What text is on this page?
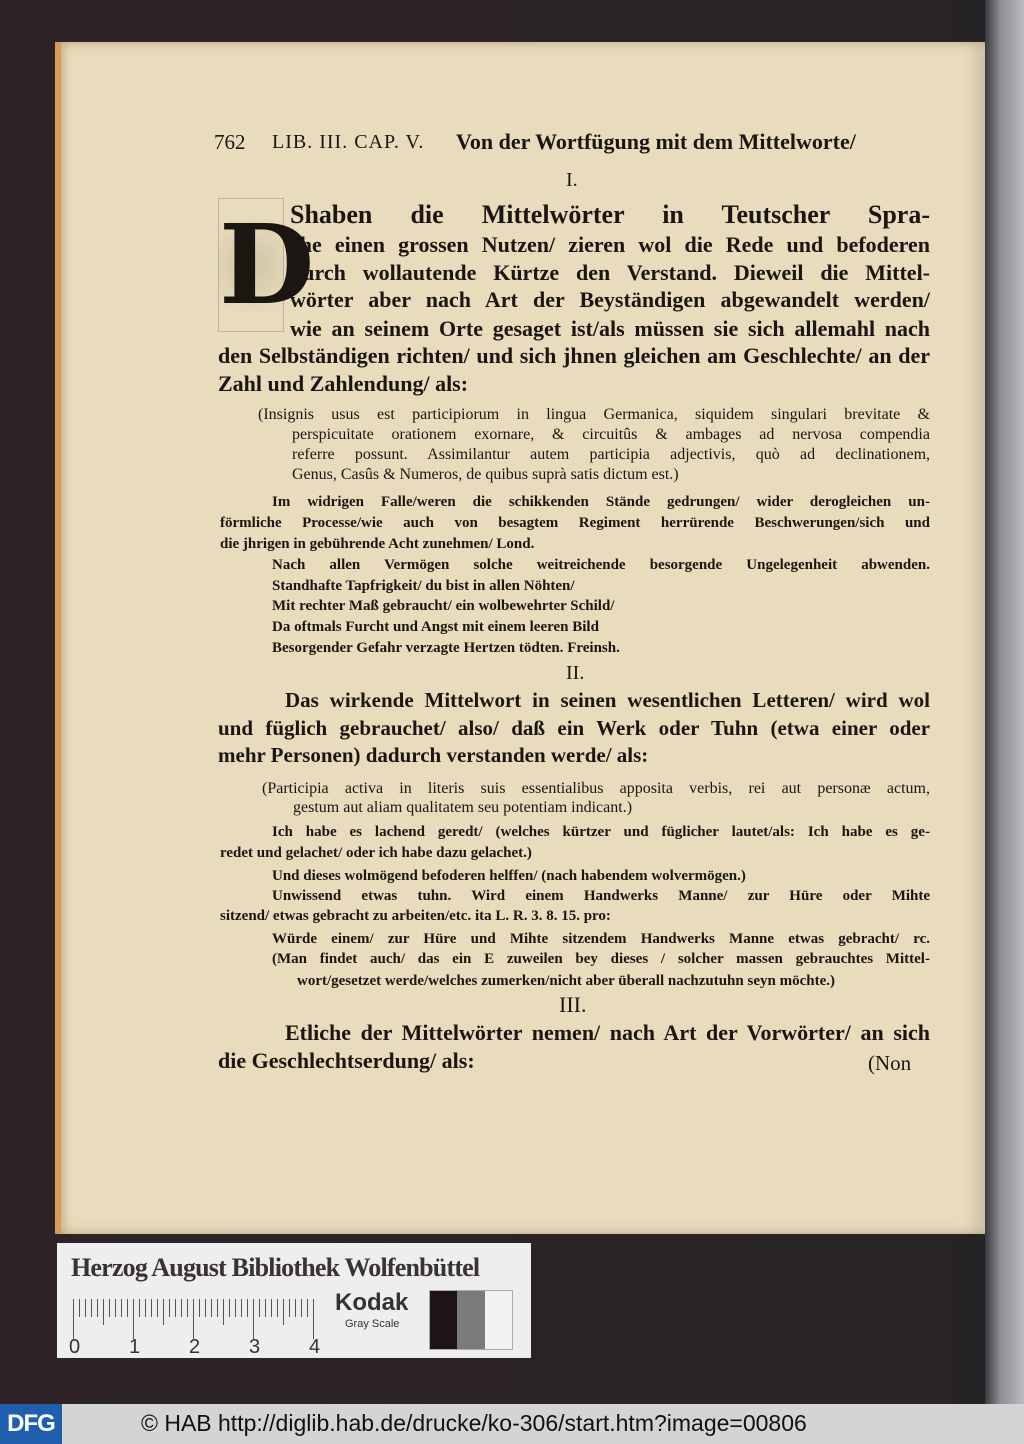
762 LIB. III. CAP. V. Von der Wortfügung mit dem Mittelworte/
D
I.
Shaben die Mittelwörter in Teutscher Spra-
che einen grossen Nutzen/ zieren wol die Rede und befoderen
durch wollautende Kürtze den Verstand. Dieweil die Mittel-
wörter aber nach Art der Beyständigen abgewandelt werden/
wie an seinem Orte gesaget ist/als müssen sie sich allemahl nach
den Selbständigen richten/ und sich jhnen gleichen am Geschlechte/ an der
Zahl und Zahlendung/ als:
(Insignis usus est participiorum in lingua Germanica, siquidem singulari brevitate &
perspicuitate orationem exornare, & circuitûs & ambages ad nervosa compendia
referre possunt. Assimilantur autem participia adjectivis, quò ad declinationem,
Genus, Casûs & Numeros, de quibus suprà satis dictum est.)
Im widrigen Falle/weren die schikkenden Stände gedrungen/ wider derogleichen un-
förmliche Processe/wie auch von besagtem Regiment herrürende Beschwerungen/sich und
die jhrigen in gebührende Acht zunehmen/ Lond.
Nach allen Vermögen solche weitreichende besorgende Ungelegenheit abwenden.
Standhafte Tapfrigkeit/ du bist in allen Nöhten/
Mit rechter Maß gebraucht/ ein wolbewehrter Schild/
Da oftmals Furcht und Angst mit einem leeren Bild
Besorgender Gefahr verzagte Hertzen tödten. Freinsh.
II.
Das wirkende Mittelwort in seinen wesentlichen Letteren/ wird wol
und füglich gebrauchet/ also/ daß ein Werk oder Tuhn (etwa einer oder
mehr Personen) dadurch verstanden werde/ als:
(Participia activa in literis suis essentialibus apposita verbis, rei aut personæ actum,
gestum aut aliam qualitatem seu potentiam indicant.)
Ich habe es lachend geredt/ (welches kürtzer und füglicher lautet/als: Ich habe es ge-
redet und gelachet/ oder ich habe dazu gelachet.)
Und dieses wolmögend befoderen helffen/ (nach habendem wolvermögen.)
Unwissend etwas tuhn. Wird einem Handwerks Manne/ zur Hüre oder Mihte
sitzend/ etwas gebracht zu arbeiten/etc. ita L. R. 3. 8. 15. pro:
Würde einem/ zur Hüre und Mihte sitzendem Handwerks Manne etwas gebracht/ rc.
(Man findet auch/ das ein E zuweilen bey dieses / solcher massen gebrauchtes Mittel-
wort/gesetzet werde/welches zumerken/nicht aber überall nachzutuhn seyn möchte.)
III.
Etliche der Mittelwörter nemen/ nach Art der Vorwörter/ an sich
die Geschlechtserdung/ als:	(Non
Herzog August Bibliothek Wolfenbüttel
0 1 2 3 4
Kodak
Gray Scale
DFG	© HAB http://diglib.hab.de/drucke/ko-306/start.htm?image=00806
